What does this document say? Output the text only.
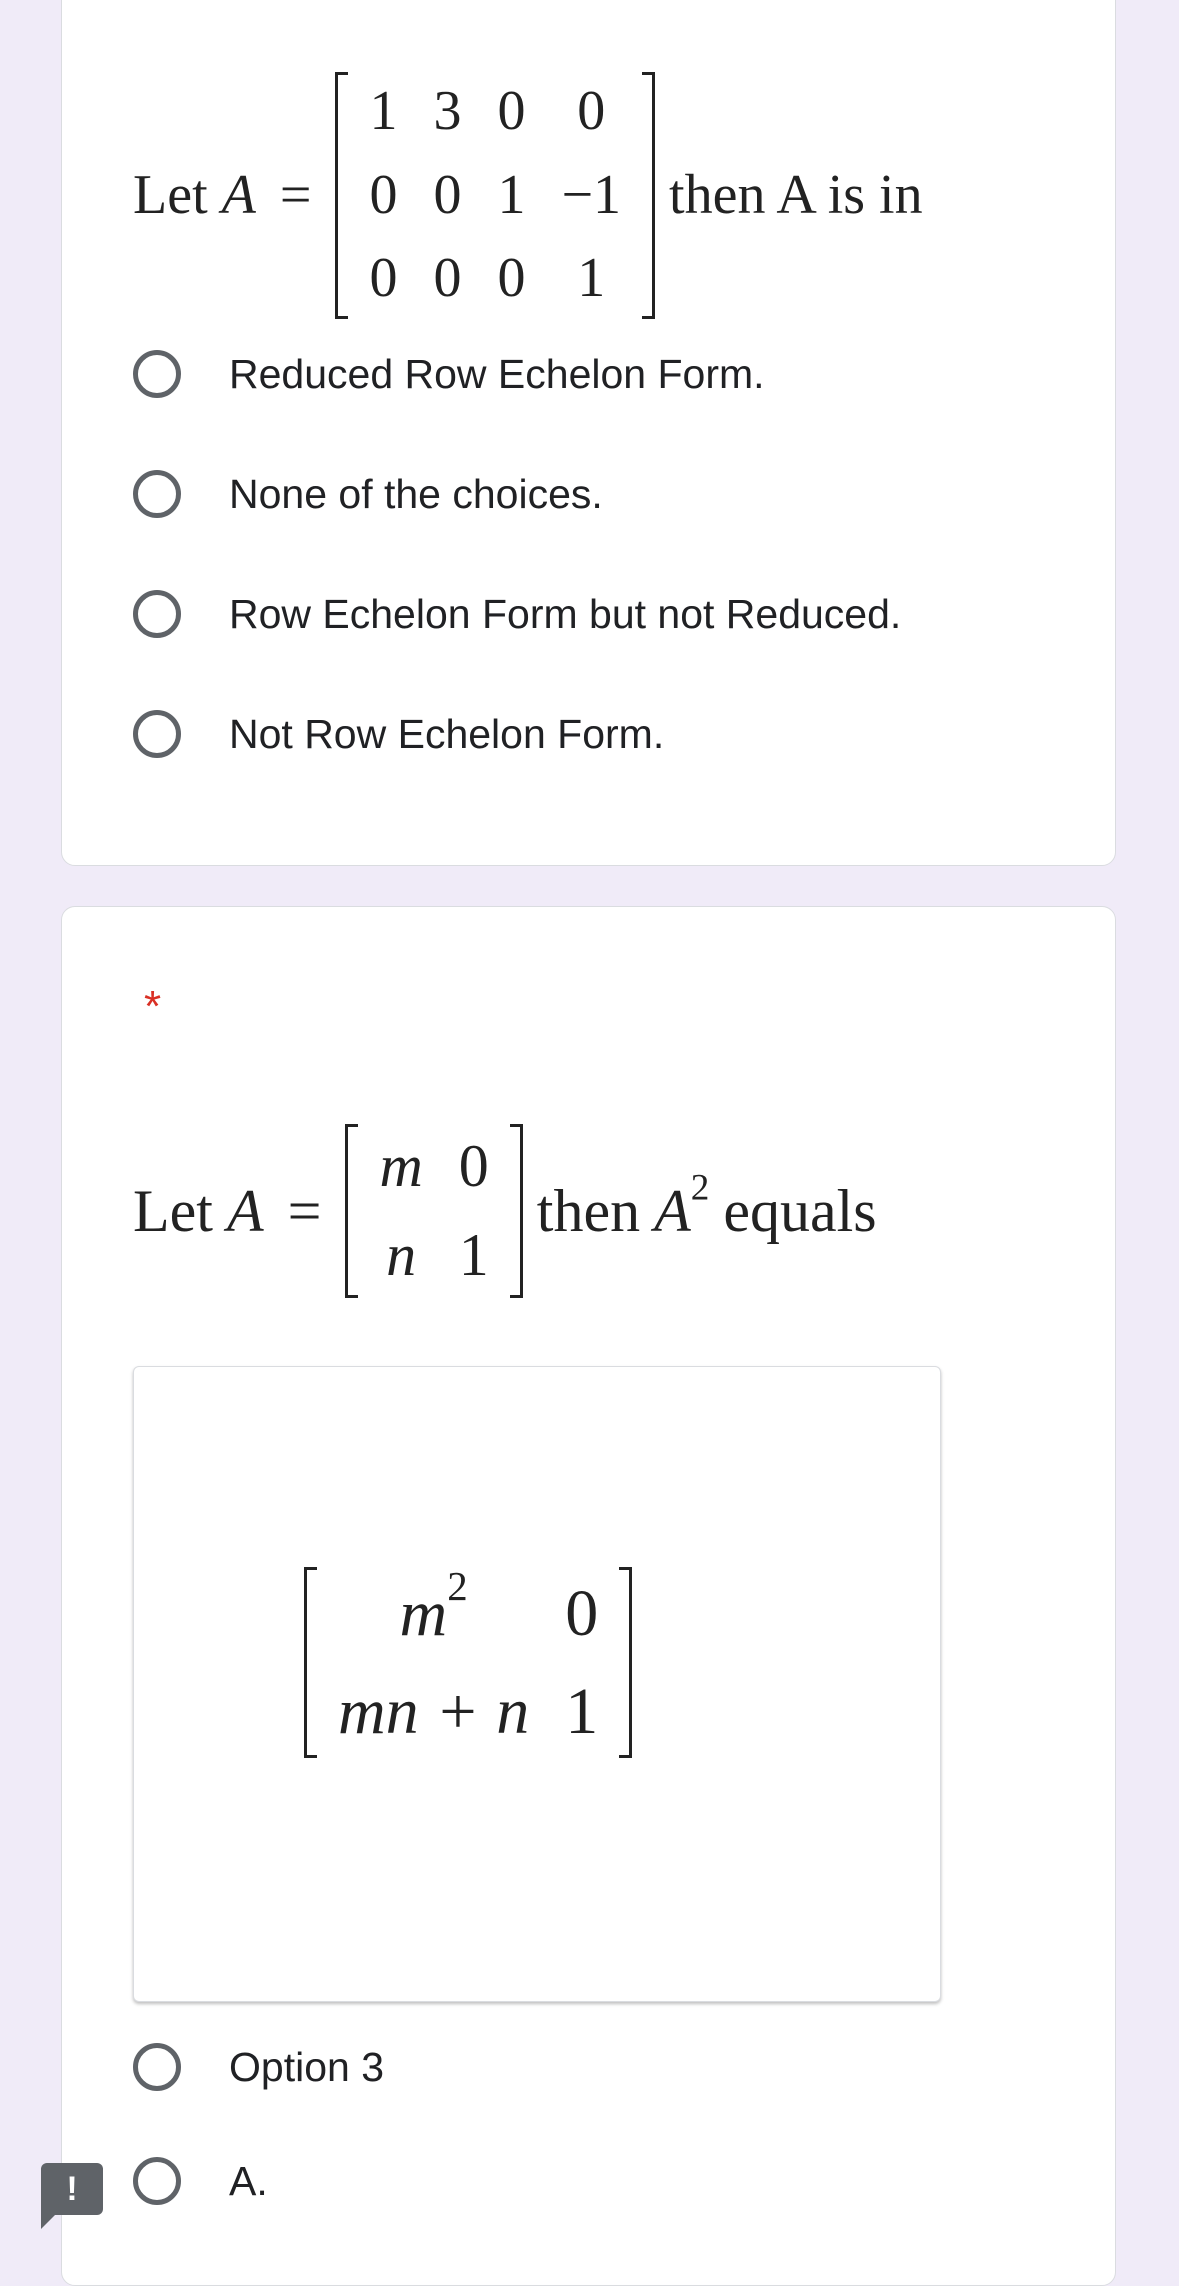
Let A =
1	3	0	0
0	0	1	−1
0	0	0	1
then A is in
Reduced Row Echelon Form.
None of the choices.
Row Echelon Form but not Reduced.
Not Row Echelon Form.
*
Let A =
m	0
n	1
then $A^2$ equals
$m^2$	0
mn + n	1
Option 3
A.
!
